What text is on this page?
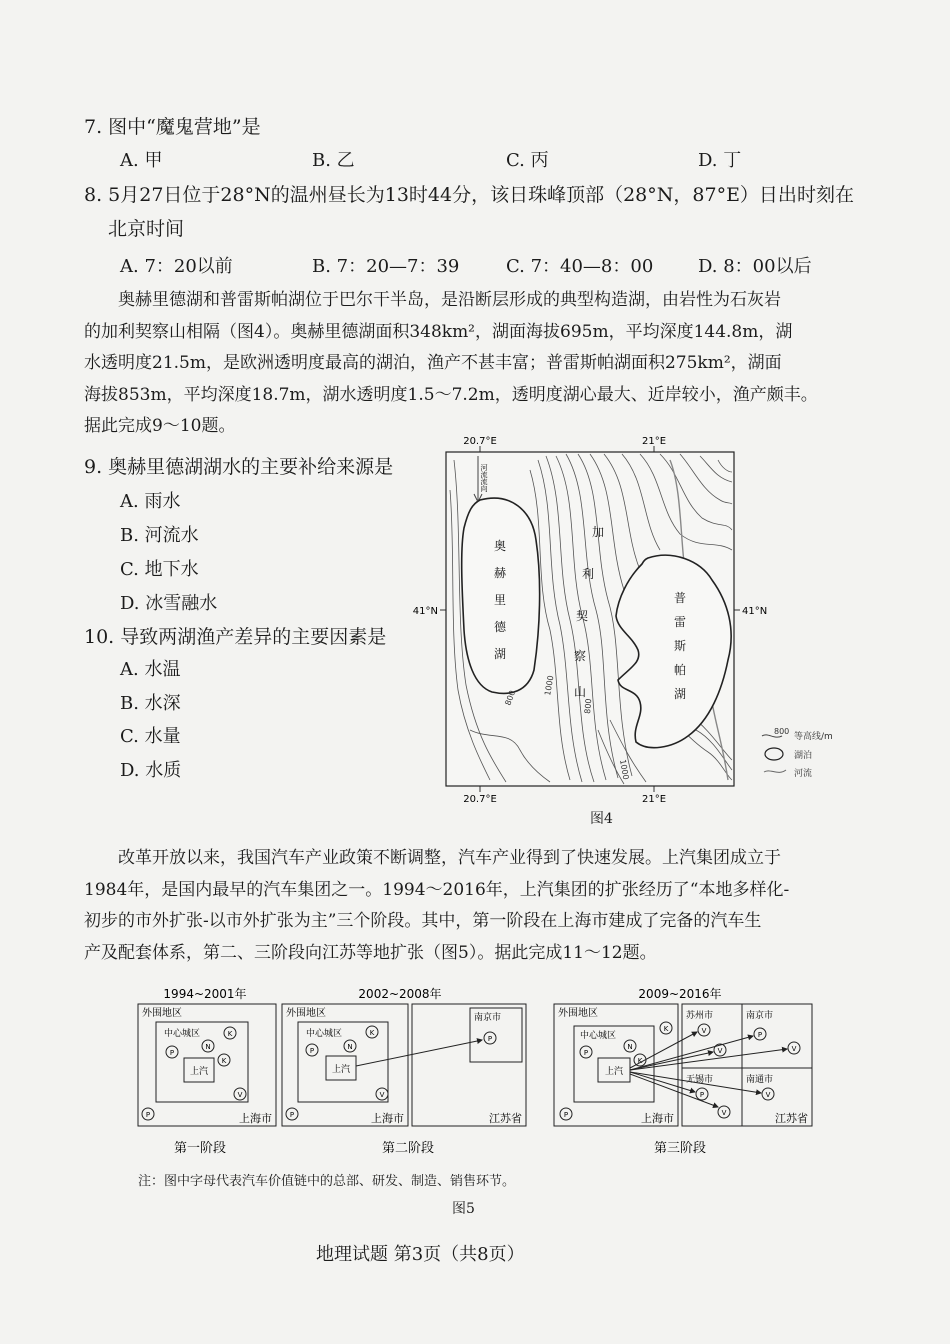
7. 图中“魔鬼营地”是
A. 甲	B. 乙	C. 丙	D. 丁
8. 5月27日位于28°N的温州昼长为13时44分，该日珠峰顶部（28°N，87°E）日出时刻在
北京时间
A. 7：20以前	B. 7：20—7：39	C. 7：40—8：00 D. 8：00以后
奥赫里德湖和普雷斯帕湖位于巴尔干半岛，是沿断层形成的典型构造湖，由岩性为石灰岩
的加利契察山相隔（图4）。奥赫里德湖面积348km²，湖面海拔695m，平均深度144.8m，湖
水透明度21.5m，是欧洲透明度最高的湖泊，渔产不甚丰富；普雷斯帕湖面积275km²，湖面
海拔853m，平均深度18.7m，湖水透明度1.5～7.2m，透明度湖心最大、近岸较小，渔产颇丰。
据此完成9～10题。
9. 奥赫里德湖湖水的主要补给来源是
A. 雨水
B. 河流水
C. 地下水
D. 冰雪融水
10. 导致两湖渔产差异的主要因素是
A. 水温
B. 水深
C. 水量
D. 水质
20.7°E	21°E
20.7°E	21°E
41°N	41°N
河流流向
奥
赫
里
德
湖
普
雷
斯
帕
湖
加
利
契
察
山
800
1000
800
1000
800
等高线/m
湖泊
河流
图4
改革开放以来，我国汽车产业政策不断调整，汽车产业得到了快速发展。上汽集团成立于
1984年，是国内最早的汽车集团之一。1994～2016年，上汽集团的扩张经历了“本地多样化-
初步的市外扩张-以市外扩张为主”三个阶段。其中，第一阶段在上海市建成了完备的汽车生
产及配套体系，第二、三阶段向江苏等地扩张（图5）。据此完成11～12题。
1994~2001年
外围地区
中心城区
上汽
K
P
N
K
V
P	上海市
第一阶段
2002~2008年
外围地区
中心城区
上汽
K
P	N
V
P	上海市
南京市
P
江苏省
第二阶段
2009~2016年
外围地区
中心城区
上汽
K
N
K
P
P	上海市
苏州市	南京市
无锡市	南通市
V
V
P
V
P
V
V
江苏省
第三阶段
注：图中字母代表汽车价值链中的总部、研发、制造、销售环节。
图5
地理试题 第3页（共8页）
